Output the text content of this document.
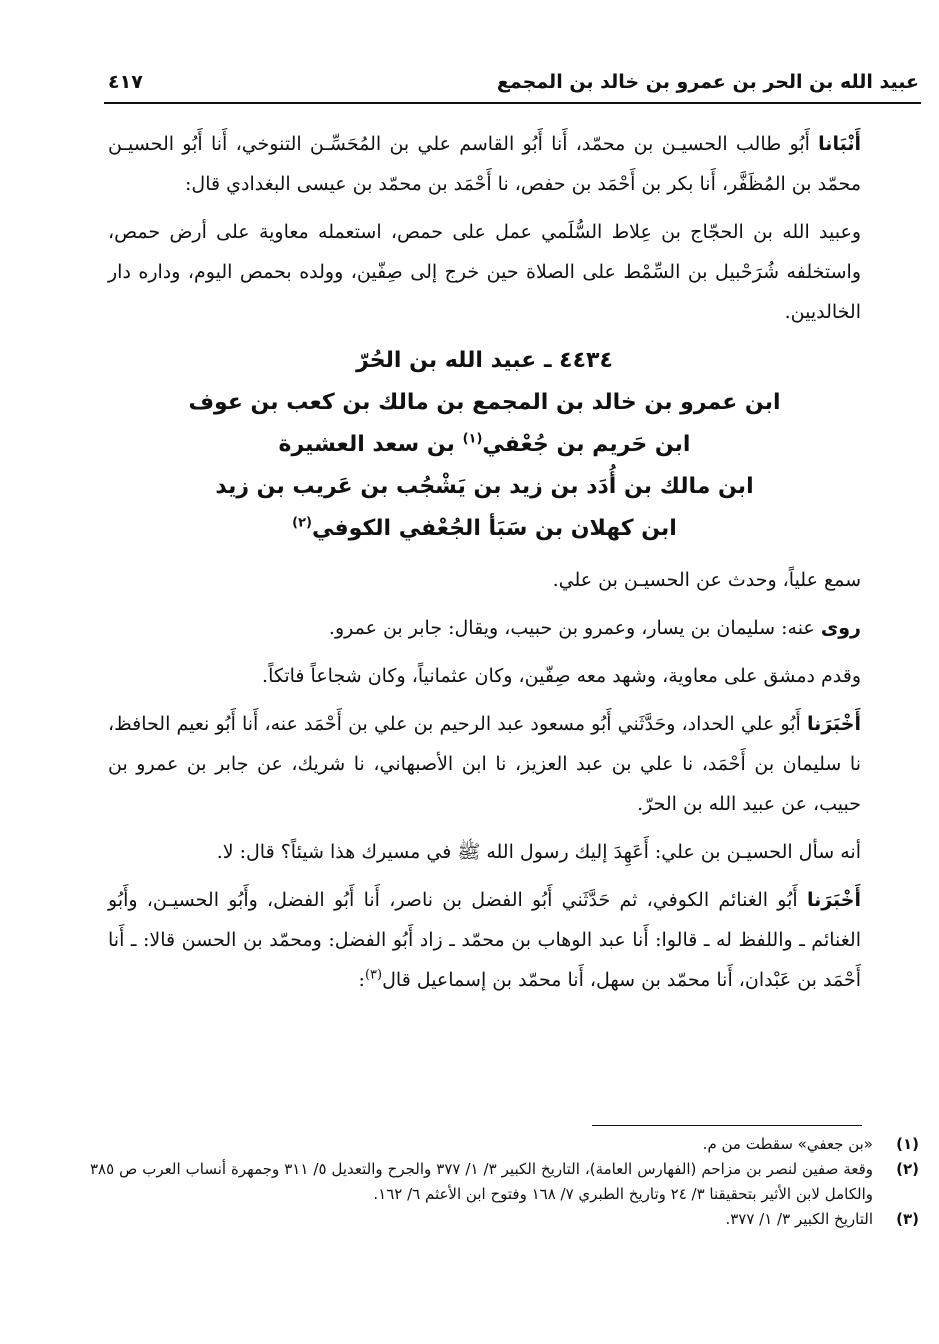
عبيد الله بن الحر بن عمرو بن خالد بن المجمع
٤١٧

أَنْبَانا أَبُو طالب الحسيـن بن محمّد، أَنا أَبُو القاسم علي بن المُحَسِّـن التنوخي، أَنا أَبُو الحسيـن محمّد بن المُظَفَّر، أَنا بكر بن أَحْمَد بن حفص، نا أَحْمَد بن محمّد بن عيسى البغدادي قال:

وعبيد الله بن الحجّاج بن عِلاط السُّلَمي عمل على حمص، استعمله معاوية على أرض حمص، واستخلفه شُرَحْبيل بن السِّمْط على الصلاة حين خرج إلى صِفّين، وولده بحمص اليوم، وداره دار الخالديين.

٤٤٣٤ ـ عبيد الله بن الحُرّ
ابن عمرو بن خالد بن المجمع بن مالك بن كعب بن عوف
ابن حَريم بن جُعْفي$^{(١)}$ بن سعد العشيرة
ابن مالك بن أُدَد بن زيد بن يَشْجُب بن عَريب بن زيد
ابن كهلان بن سَبَأ الجُعْفي الكوفي$^{(٢)}$

سمع علياً، وحدث عن الحسيـن بن علي.

روى عنه: سليمان بن يسار، وعمرو بن حبيب، ويقال: جابر بن عمرو.

وقدم دمشق على معاوية، وشهد معه صِفّين، وكان عثمانياً، وكان شجاعاً فاتكاً.

أَخْبَرَنا أَبُو علي الحداد، وحَدَّثَني أَبُو مسعود عبد الرحيم بن علي بن أَحْمَد عنه، أَنا أَبُو نعيم الحافظ، نا سليمان بن أَحْمَد، نا علي بن عبد العزيز، نا ابن الأصبهاني، نا شريك، عن جابر بن عمرو بن حبيب، عن عبيد الله بن الحرّ.

أنه سأل الحسيـن بن علي: أَعَهِدَ إليك رسول الله ﷺ في مسيرك هذا شيئاً؟ قال: لا.

أَخْبَرَنا أَبُو الغنائم الكوفي، ثم حَدَّثَني أَبُو الفضل بن ناصر، أَنا أَبُو الفضل، وأَبُو الحسيـن، وأَبُو الغنائم ـ واللفظ له ـ قالوا: أَنا عبد الوهاب بن محمّد ـ زاد أَبُو الفضل: ومحمّد بن الحسن قالا: ـ أَنا أَحْمَد بن عَبْدان، أَنا محمّد بن سهل، أَنا محمّد بن إسماعيل قال$^{(٣)}$:

(١)
«بن جعفي» سقطت من م.
(٢)
وقعة صفين لنصر بن مزاحم (الفهارس العامة)، التاريخ الكبير ٣/ ١/ ٣٧٧ والجرح والتعديل ٥/ ٣١١ وجمهرة أنساب العرب ص ٣٨٥ والكامل لابن الأثير بتحقيقنا ٣/ ٢٤ وتاريخ الطبري ٧/ ١٦٨ وفتوح ابن الأعثم ٦/ ١٦٢.
(٣)
التاريخ الكبير ٣/ ١/ ٣٧٧.
